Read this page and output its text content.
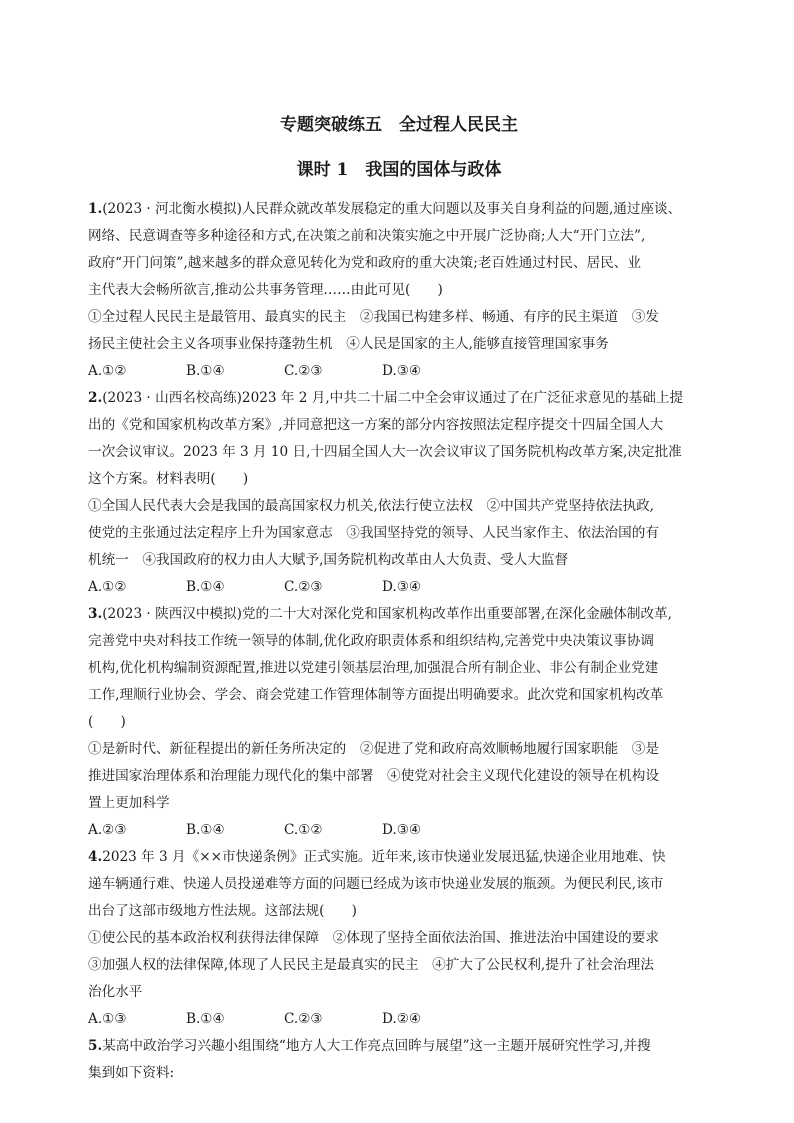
专题突破练五　全过程人民民主
课时 1　我国的国体与政体

1.(2023 · 河北衡水模拟)人民群众就改革发展稳定的重大问题以及事关自身利益的问题,通过座谈、

网络、民意调查等多种途径和方式,在决策之前和决策实施之中开展广泛协商;人大“开门立法”,

政府“开门问策”,越来越多的群众意见转化为党和政府的重大决策;老百姓通过村民、居民、业

主代表大会畅所欲言,推动公共事务管理……由此可见(　　)

①全过程人民民主是最管用、最真实的民主　②我国已构建多样、畅通、有序的民主渠道　③发

扬民主使社会主义各项事业保持蓬勃生机　④人民是国家的主人,能够直接管理国家事务

A.①②	B.①④	C.②③	D.③④

2.(2023 · 山西名校高练)2023 年 2 月,中共二十届二中全会审议通过了在广泛征求意见的基础上提

出的《党和国家机构改革方案》,并同意把这一方案的部分内容按照法定程序提交十四届全国人大

一次会议审议。2023 年 3 月 10 日,十四届全国人大一次会议审议了国务院机构改革方案,决定批准

这个方案。材料表明(　　)

①全国人民代表大会是我国的最高国家权力机关,依法行使立法权　②中国共产党坚持依法执政,

使党的主张通过法定程序上升为国家意志　③我国坚持党的领导、人民当家作主、依法治国的有

机统一　④我国政府的权力由人大赋予,国务院机构改革由人大负责、受人大监督

A.①②	B.①④	C.②③	D.③④

3.(2023 · 陕西汉中模拟)党的二十大对深化党和国家机构改革作出重要部署,在深化金融体制改革,

完善党中央对科技工作统一领导的体制,优化政府职责体系和组织结构,完善党中央决策议事协调

机构,优化机构编制资源配置,推进以党建引领基层治理,加强混合所有制企业、非公有制企业党建

工作,理顺行业协会、学会、商会党建工作管理体制等方面提出明确要求。此次党和国家机构改革

(　　)

①是新时代、新征程提出的新任务所决定的　②促进了党和政府高效顺畅地履行国家职能　③是

推进国家治理体系和治理能力现代化的集中部署　④使党对社会主义现代化建设的领导在机构设

置上更加科学

A.②③	B.①④	C.①②	D.③④

4.2023 年 3 月《××市快递条例》正式实施。近年来,该市快递业发展迅猛,快递企业用地难、快

递车辆通行难、快递人员投递难等方面的问题已经成为该市快递业发展的瓶颈。为便民利民,该市

出台了这部市级地方性法规。这部法规(　　)

①使公民的基本政治权利获得法律保障　②体现了坚持全面依法治国、推进法治中国建设的要求

③加强人权的法律保障,体现了人民民主是最真实的民主　④扩大了公民权利,提升了社会治理法

治化水平

A.①③	B.①④	C.②③	D.②④

5.某高中政治学习兴趣小组围绕“地方人大工作亮点回眸与展望”这一主题开展研究性学习,并搜

集到如下资料:
